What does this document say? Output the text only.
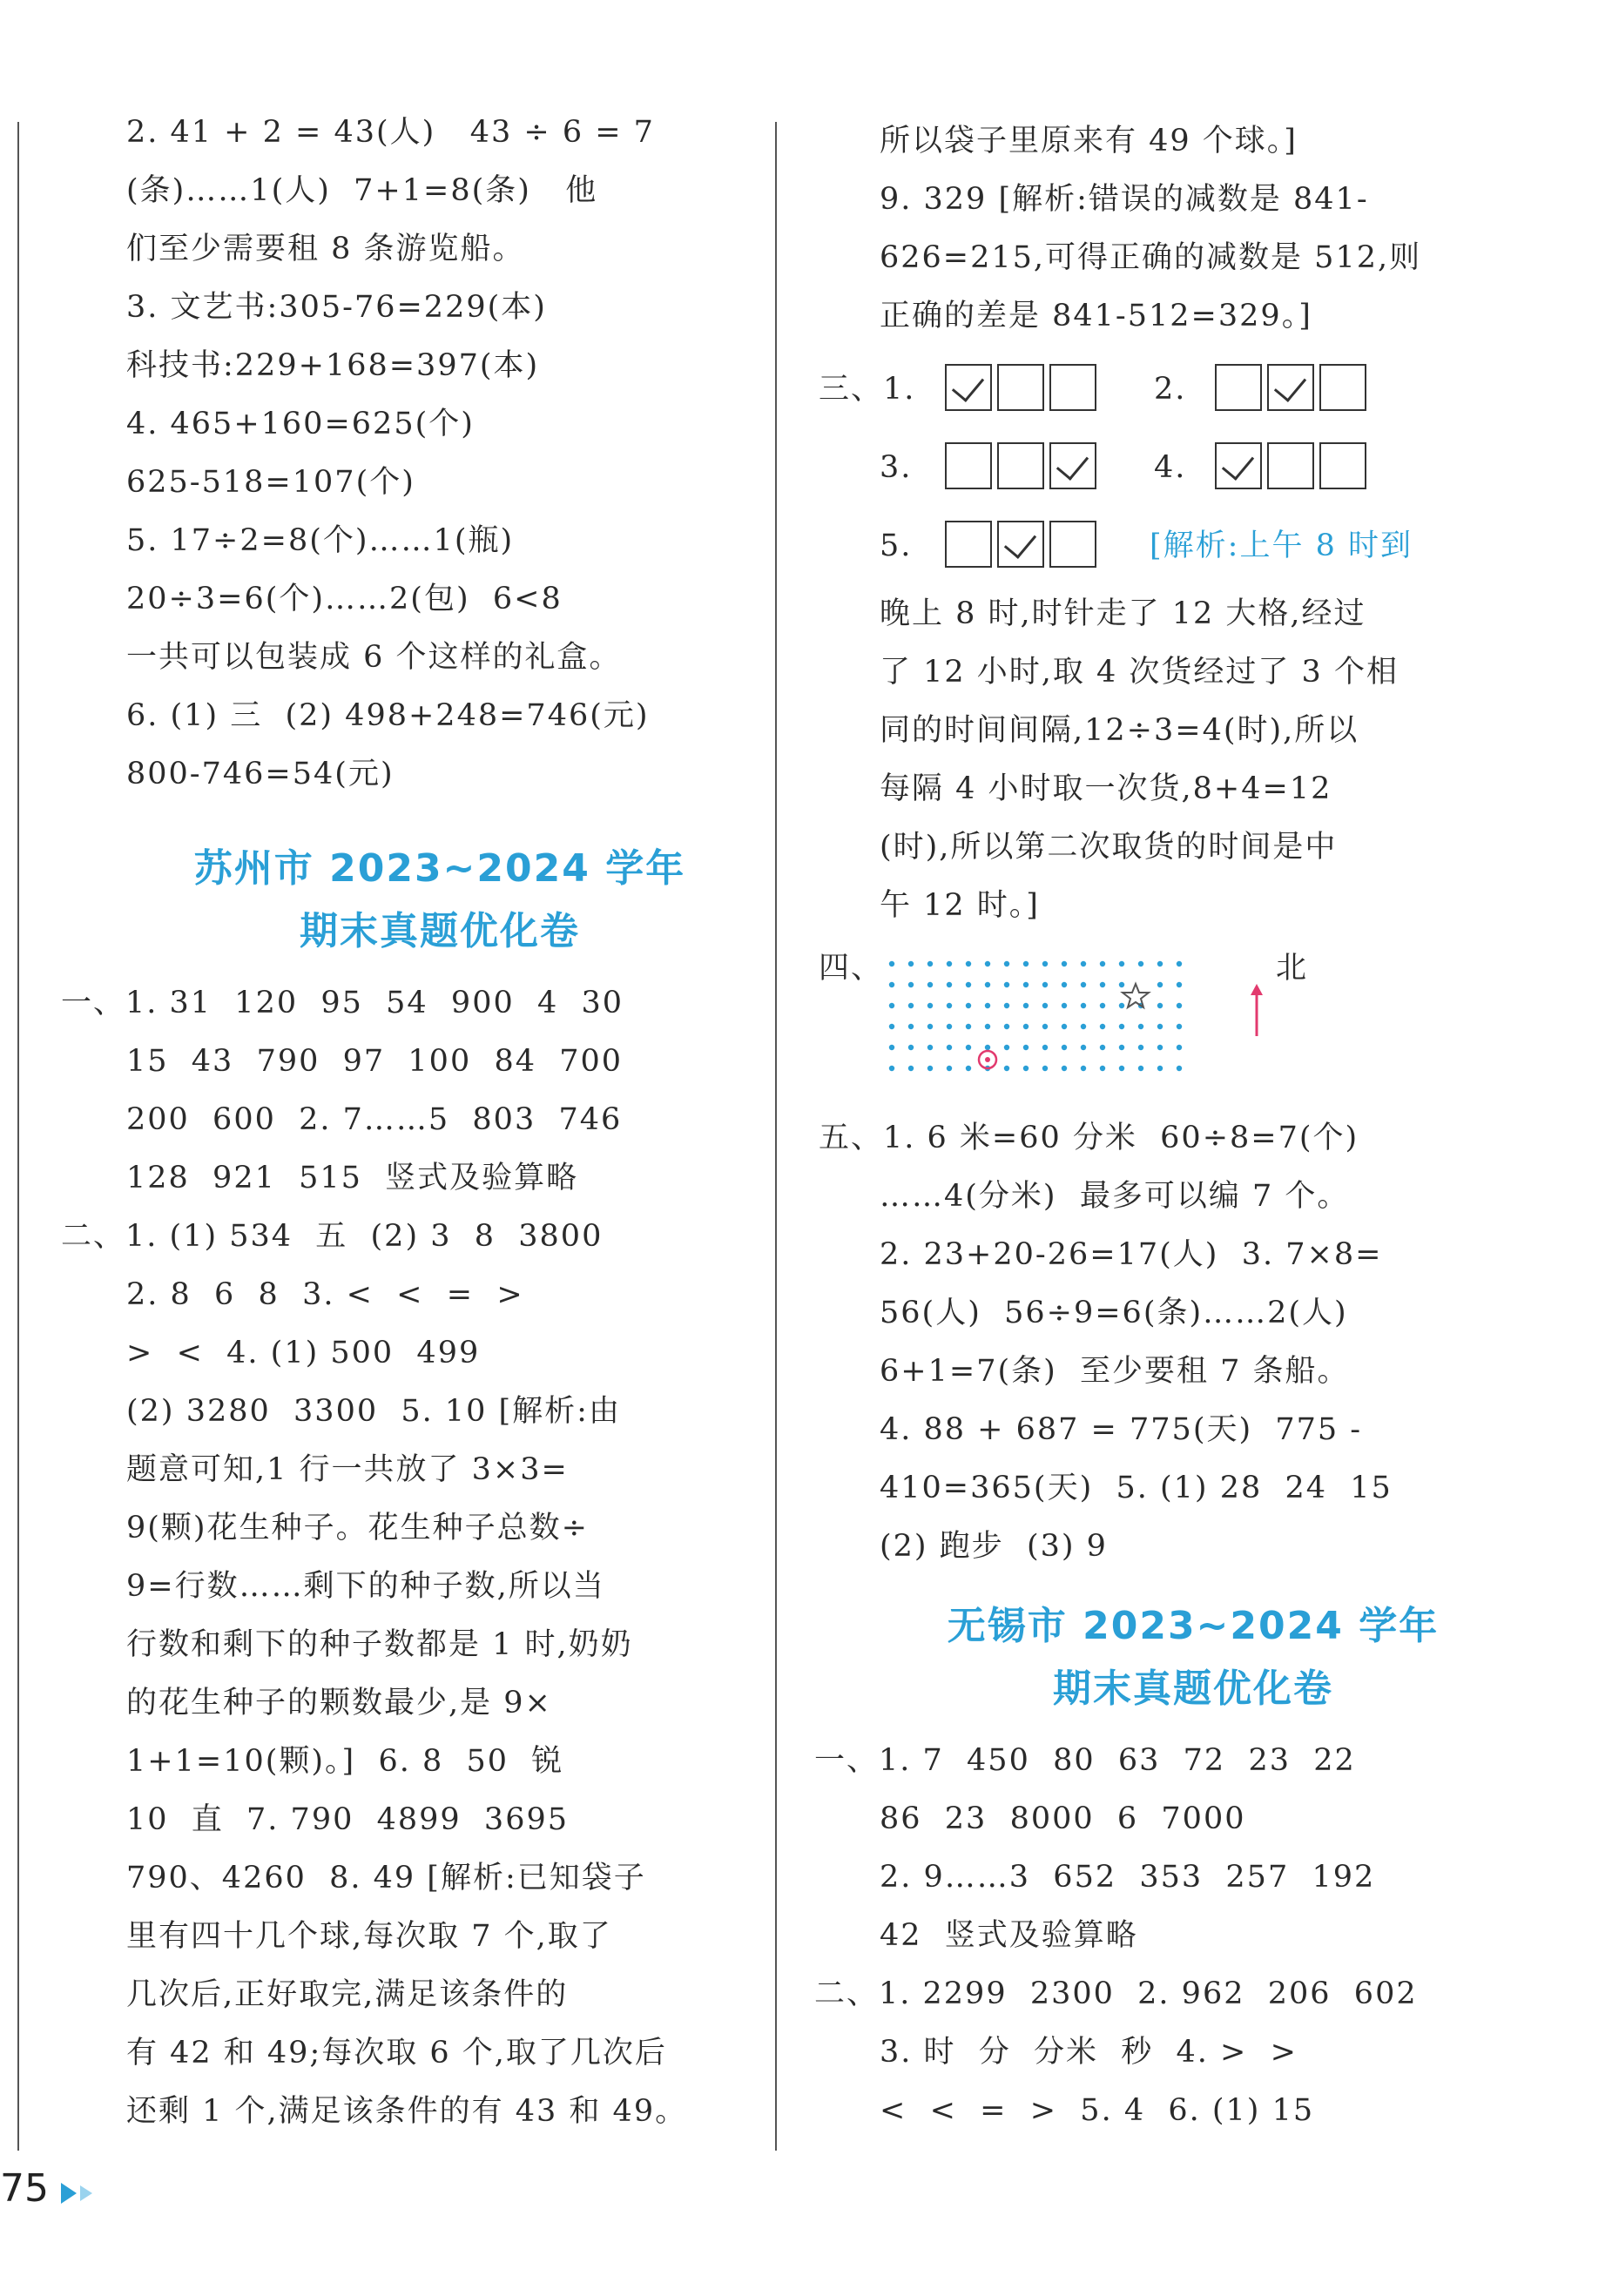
2. 41 + 2 = 43(人)   43 ÷ 6 = 7
(条)……1(人)  7+1=8(条)   他
们至少需要租 8 条游览船。
3. 文艺书:305-76=229(本)
科技书:229+168=397(本)
4. 465+160=625(个)
625-518=107(个)
5. 17÷2=8(个)……1(瓶)
20÷3=6(个)……2(包)  6<8
一共可以包装成 6 个这样的礼盒。
6. (1) 三  (2) 498+248=746(元)
800-746=54(元)
苏州市 2023~2024 学年
期末真题优化卷
一、1. 31  120  95  54  900  4  30
15  43  790  97  100  84  700
200  600  2. 7……5  803  746
128  921  515  竖式及验算略
二、1. (1) 534  五  (2) 3  8  3800
2. 8  6  8  3. <  <  =  >
>  <  4. (1) 500  499
(2) 3280  3300  5. 10 [解析:由
题意可知,1 行一共放了 3×3=
9(颗)花生种子。花生种子总数÷
9=行数……剩下的种子数,所以当
行数和剩下的种子数都是 1 时,奶奶
的花生种子的颗数最少,是 9×
1+1=10(颗)。]  6. 8  50  锐
10  直  7. 790  4899  3695
790、4260  8. 49 [解析:已知袋子
里有四十几个球,每次取 7 个,取了
几次后,正好取完,满足该条件的
有 42 和 49;每次取 6 个,取了几次后
还剩 1 个,满足该条件的有 43 和 49。
所以袋子里原来有 49 个球。]
9. 329 [解析:错误的减数是 841-
626=215,可得正确的减数是 512,则
正确的差是 841-512=329。]
三、1.	2.
3.	4.
5.	[解析:上午 8 时到
晚上 8 时,时针走了 12 大格,经过
了 12 小时,取 4 次货经过了 3 个相
同的时间间隔,12÷3=4(时),所以
每隔 4 小时取一次货,8+4=12
(时),所以第二次取货的时间是中
午 12 时。]
四、	北
五、1. 6 米=60 分米  60÷8=7(个)
……4(分米)  最多可以编 7 个。
2. 23+20-26=17(人)  3. 7×8=
56(人)  56÷9=6(条)……2(人)
6+1=7(条)  至少要租 7 条船。
4. 88 + 687 = 775(天)  775 -
410=365(天)  5. (1) 28  24  15
(2) 跑步  (3) 9
无锡市 2023~2024 学年
期末真题优化卷
一、1. 7  450  80  63  72  23  22
86  23  8000  6  7000
2. 9……3  652  353  257  192
42  竖式及验算略
二、1. 2299  2300  2. 962  206  602
3. 时  分  分米  秒  4. >  >
<  <  =  >  5. 4  6. (1) 15
75
